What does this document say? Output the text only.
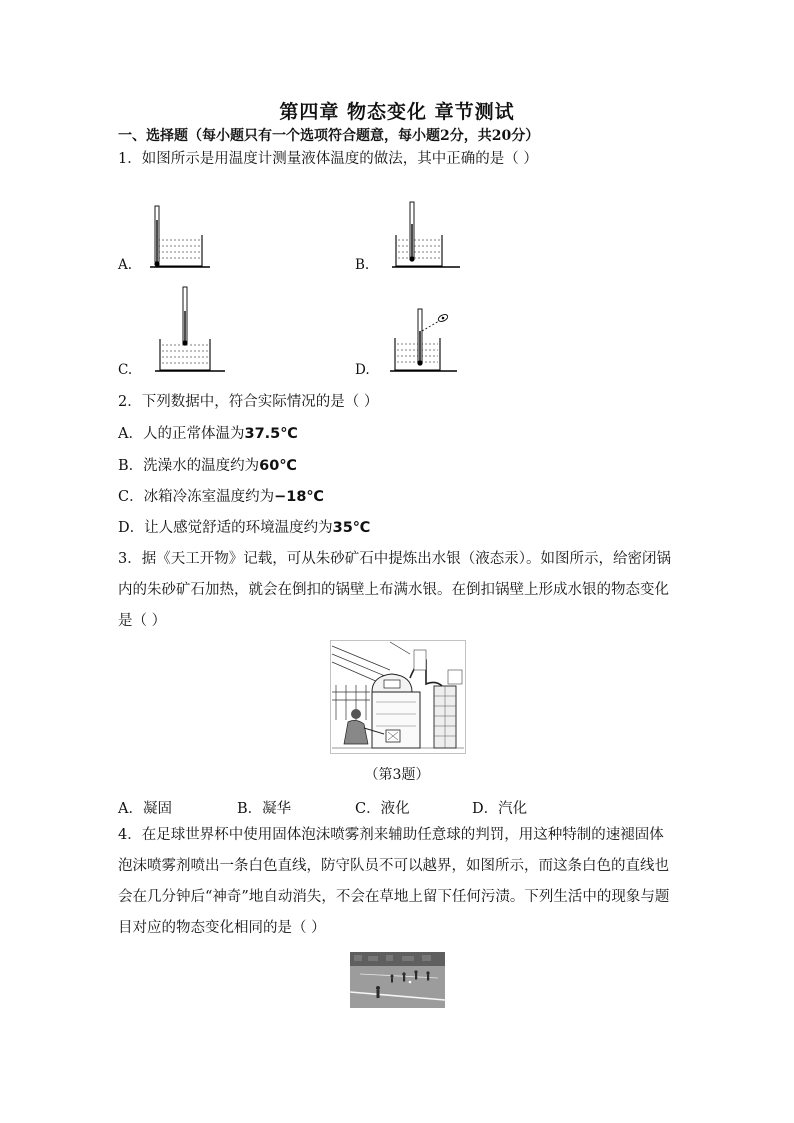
第四章 物态变化 章节测试
一、选择题（每小题只有一个选项符合题意，每小题2分，共20分）
1．如图所示是用温度计测量液体温度的做法，其中正确的是（ ）
A.	B.
C.	D.
2．下列数据中，符合实际情况的是（ ）
A．人的正常体温为37.5℃
B．洗澡水的温度约为60℃
C．冰箱冷冻室温度约为−18℃
D．让人感觉舒适的环境温度约为35℃
3．据《天工开物》记载，可从朱砂矿石中提炼出水银（液态汞）。如图所示，给密闭锅内的朱砂矿石加热，就会在倒扣的锅壁上布满水银。在倒扣锅壁上形成水银的物态变化是（ ）
（第3题）
A．凝固	B．凝华	C．液化	D．汽化
4．在足球世界杯中使用固体泡沫喷雾剂来辅助任意球的判罚，用这种特制的速褪固体泡沫喷雾剂喷出一条白色直线，防守队员不可以越界，如图所示，而这条白色的直线也会在几分钟后“神奇”地自动消失，不会在草地上留下任何污渍。下列生活中的现象与题目对应的物态变化相同的是（ ）
